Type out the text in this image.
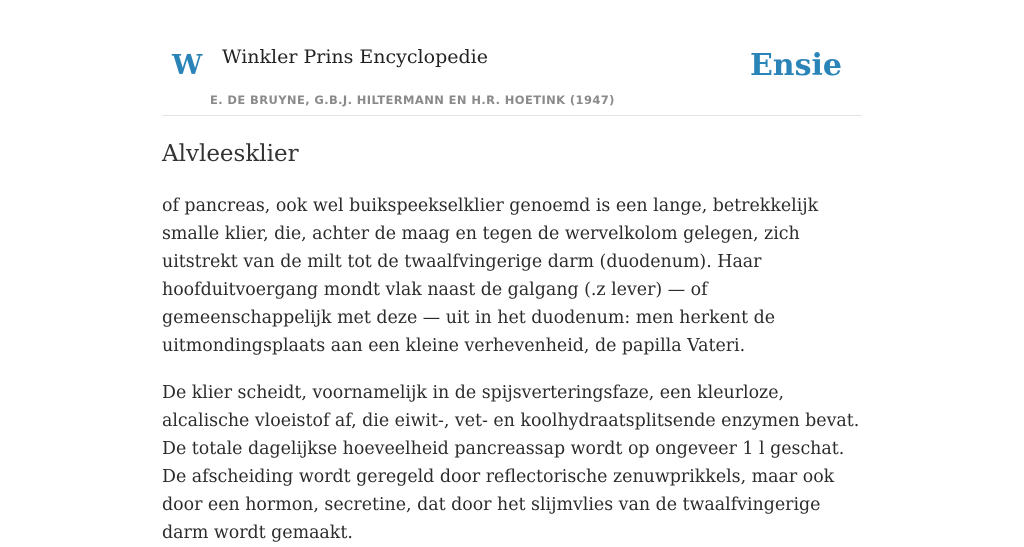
W Winkler Prins Encyclopedie
E. DE BRUYNE, G.B.J. HILTERMANN EN H.R. HOETINK (1947)
Ensie
Alvleesklier

of pancreas, ook wel buikspeekselklier genoemd is een lange, betrekkelijk smalle klier, die, achter de maag en tegen de wervelkolom gelegen, zich uitstrekt van de milt tot de twaalfvingerige darm (duodenum). Haar hoofduitvoergang mondt vlak naast de galgang (.z lever) — of gemeenschappelijk met deze — uit in het duodenum: men herkent de uitmondingsplaats aan een kleine verhevenheid, de papilla Vateri.

De klier scheidt, voornamelijk in de spijsverteringsfaze, een kleurloze, alcalische vloeistof af, die eiwit-, vet- en koolhydraatsplitsende enzymen bevat. De totale dagelijkse hoeveelheid pancreassap wordt op ongeveer 1 l geschat. De afscheiding wordt geregeld door reflectorische zenuwprikkels, maar ook door een hormon, secretine, dat door het slijmvlies van de twaalfvingerige darm wordt gemaakt.
